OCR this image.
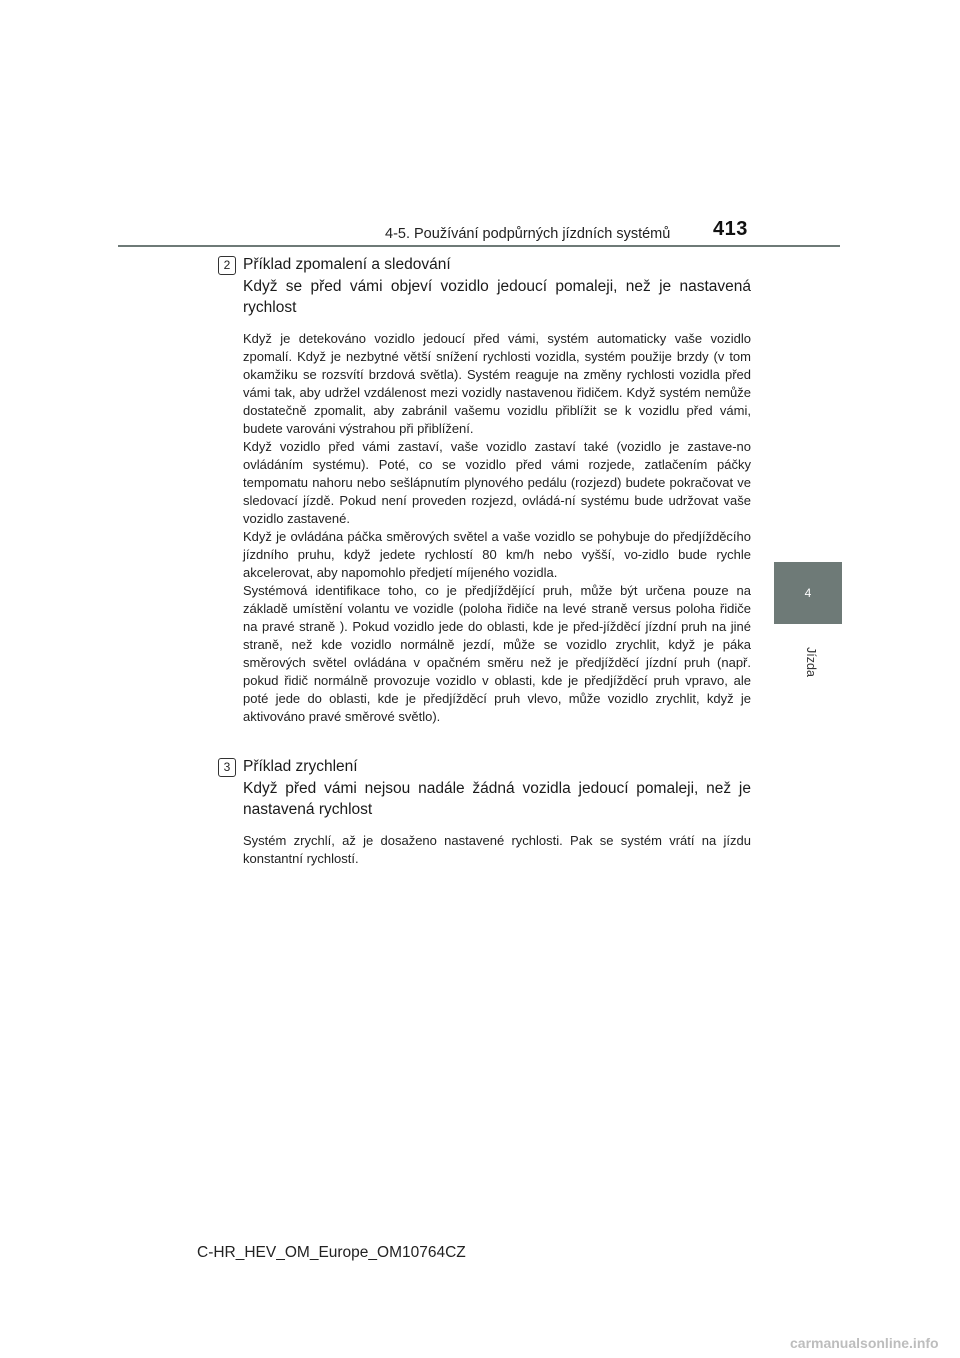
4-5. Používání podpůrných jízdních systémů 413
4
Jízda
2 Příklad zpomalení a sledování

Když se před vámi objeví vozidlo jedoucí pomaleji, než je nastavená rychlost

Když je detekováno vozidlo jedoucí před vámi, systém automaticky vaše vozidlo zpomalí. Když je nezbytné větší snížení rychlosti vozidla, systém použije brzdy (v tom okamžiku se rozsvítí brzdová světla). Systém reaguje na změny rychlosti vozidla před vámi tak, aby udržel vzdálenost mezi vozidly nastavenou řidičem. Když systém nemůže dostatečně zpomalit, aby zabránil vašemu vozidlu přiblížit se k vozidlu před vámi, budete varováni výstrahou při přiblížení.

Když vozidlo před vámi zastaví, vaše vozidlo zastaví také (vozidlo je zastave-no ovládáním systému). Poté, co se vozidlo před vámi rozjede, zatlačením páčky tempomatu nahoru nebo sešlápnutím plynového pedálu (rozjezd) budete pokračovat ve sledovací jízdě. Pokud není proveden rozjezd, ovládá-ní systému bude udržovat vaše vozidlo zastavené.

Když je ovládána páčka směrových světel a vaše vozidlo se pohybuje do předjížděcího jízdního pruhu, když jedete rychlostí 80 km/h nebo vyšší, vo-zidlo bude rychle akcelerovat, aby napomohlo předjetí míjeného vozidla.

Systémová identifikace toho, co je předjíždějící pruh, může být určena pouze na základě umístění volantu ve vozidle (poloha řidiče na levé straně versus poloha řidiče na pravé straně ). Pokud vozidlo jede do oblasti, kde je před-jížděcí jízdní pruh na jiné straně, než kde vozidlo normálně jezdí, může se vozidlo zrychlit, když je páka směrových světel ovládána v opačném směru než je předjížděcí jízdní pruh (např. pokud řidič normálně provozuje vozidlo v oblasti, kde je předjížděcí pruh vpravo, ale poté jede do oblasti, kde je předjížděcí pruh vlevo, může vozidlo zrychlit, když je aktivováno pravé směrové světlo).

3 Příklad zrychlení

Když před vámi nejsou nadále žádná vozidla jedoucí pomaleji, než je nastavená rychlost

Systém zrychlí, až je dosaženo nastavené rychlosti. Pak se systém vrátí na jízdu konstantní rychlostí.

C-HR_HEV_OM_Europe_OM10764CZ
carmanualsonline.info
